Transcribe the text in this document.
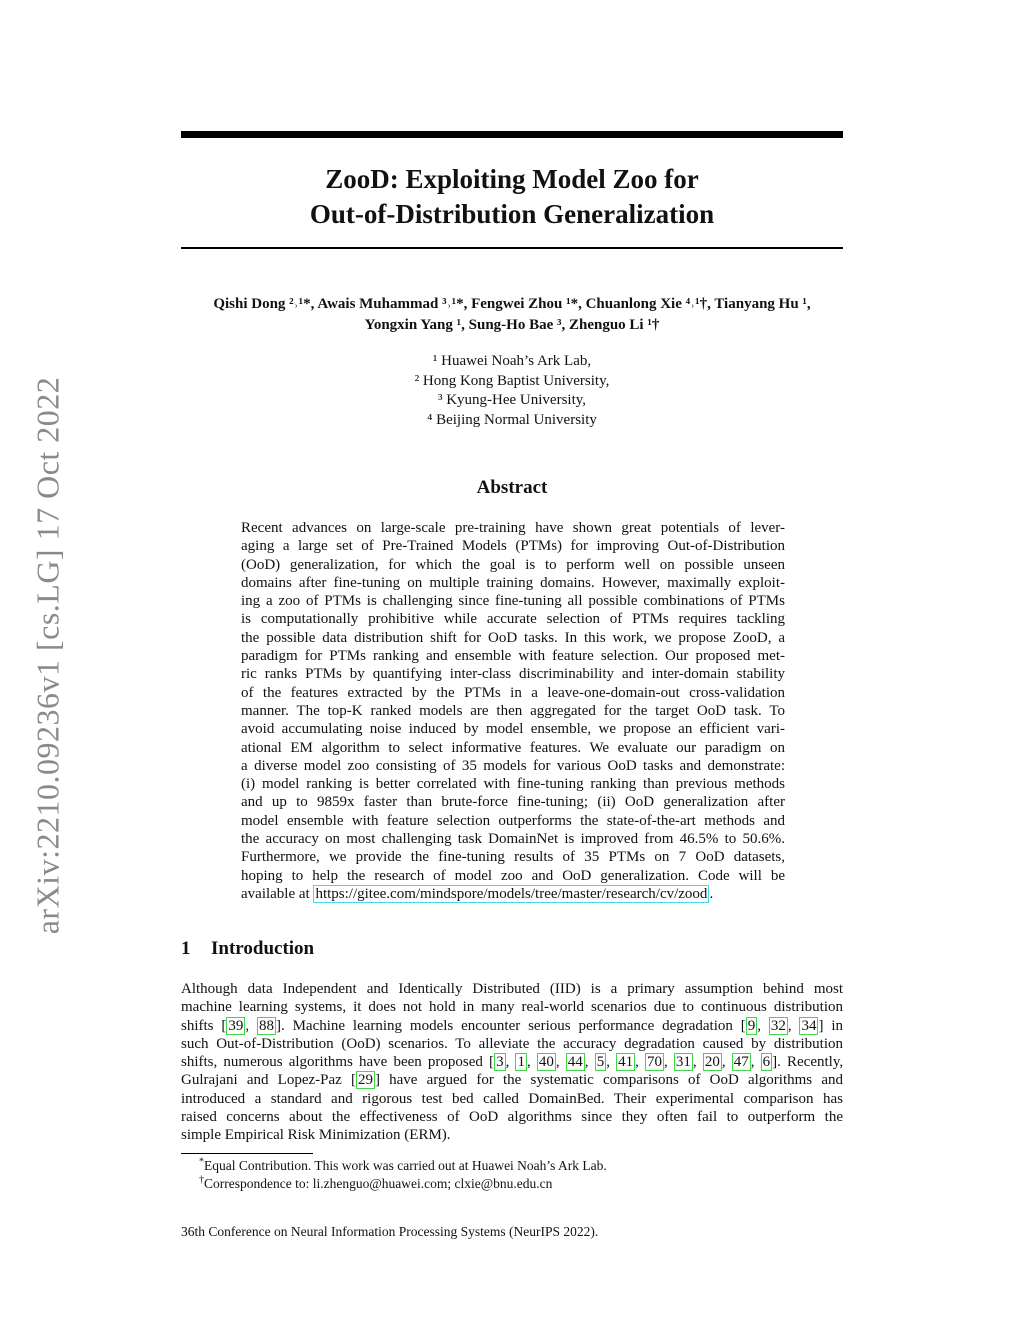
arXiv:2210.09236v1 [cs.LG] 17 Oct 2022
ZooD: Exploiting Model Zoo for
Out-of-Distribution Generalization
Qishi Dong ²˒¹*, Awais Muhammad ³˒¹*, Fengwei Zhou ¹*, Chuanlong Xie ⁴˒¹†, Tianyang Hu ¹,
Yongxin Yang ¹, Sung-Ho Bae ³, Zhenguo Li ¹†
¹ Huawei Noah’s Ark Lab,
² Hong Kong Baptist University,
³ Kyung-Hee University,
⁴ Beijing Normal University
Abstract
Recent advances on large-scale pre-training have shown great potentials of lever-
aging a large set of Pre-Trained Models (PTMs) for improving Out-of-Distribution
(OoD) generalization, for which the goal is to perform well on possible unseen
domains after fine-tuning on multiple training domains. However, maximally exploit-
ing a zoo of PTMs is challenging since fine-tuning all possible combinations of PTMs
is computationally prohibitive while accurate selection of PTMs requires tackling
the possible data distribution shift for OoD tasks. In this work, we propose ZooD, a
paradigm for PTMs ranking and ensemble with feature selection. Our proposed met-
ric ranks PTMs by quantifying inter-class discriminability and inter-domain stability
of the features extracted by the PTMs in a leave-one-domain-out cross-validation
manner. The top-K ranked models are then aggregated for the target OoD task. To
avoid accumulating noise induced by model ensemble, we propose an efficient vari-
ational EM algorithm to select informative features. We evaluate our paradigm on
a diverse model zoo consisting of 35 models for various OoD tasks and demonstrate:
(i) model ranking is better correlated with fine-tuning ranking than previous methods
and up to 9859x faster than brute-force fine-tuning; (ii) OoD generalization after
model ensemble with feature selection outperforms the state-of-the-art methods and
the accuracy on most challenging task DomainNet is improved from 46.5% to 50.6%.
Furthermore, we provide the fine-tuning results of 35 PTMs on 7 OoD datasets,
hoping to help the research of model zoo and OoD generalization. Code will be
available at https://gitee.com/mindspore/models/tree/master/research/cv/zood .
1 Introduction
Although data Independent and Identically Distributed (IID) is a primary assumption behind most
machine learning systems, it does not hold in many real-world scenarios due to continuous distribution
shifts [ 39 , 88 ]. Machine learning models encounter serious performance degradation [ 9 , 32 , 34 ] in
such Out-of-Distribution (OoD) scenarios. To alleviate the accuracy degradation caused by distribution
shifts, numerous algorithms have been proposed [ 3 , 1 , 40 , 44 , 5 , 41 , 70 , 31 , 20 , 47 , 6 ]. Recently,
Gulrajani and Lopez-Paz [ 29 ] have argued for the systematic comparisons of OoD algorithms and
introduced a standard and rigorous test bed called DomainBed. Their experimental comparison has
raised concerns about the effectiveness of OoD algorithms since they often fail to outperform the
simple Empirical Risk Minimization (ERM).
*Equal Contribution. This work was carried out at Huawei Noah’s Ark Lab.
†Correspondence to: li.zhenguo@huawei.com; clxie@bnu.edu.cn
36th Conference on Neural Information Processing Systems (NeurIPS 2022).
